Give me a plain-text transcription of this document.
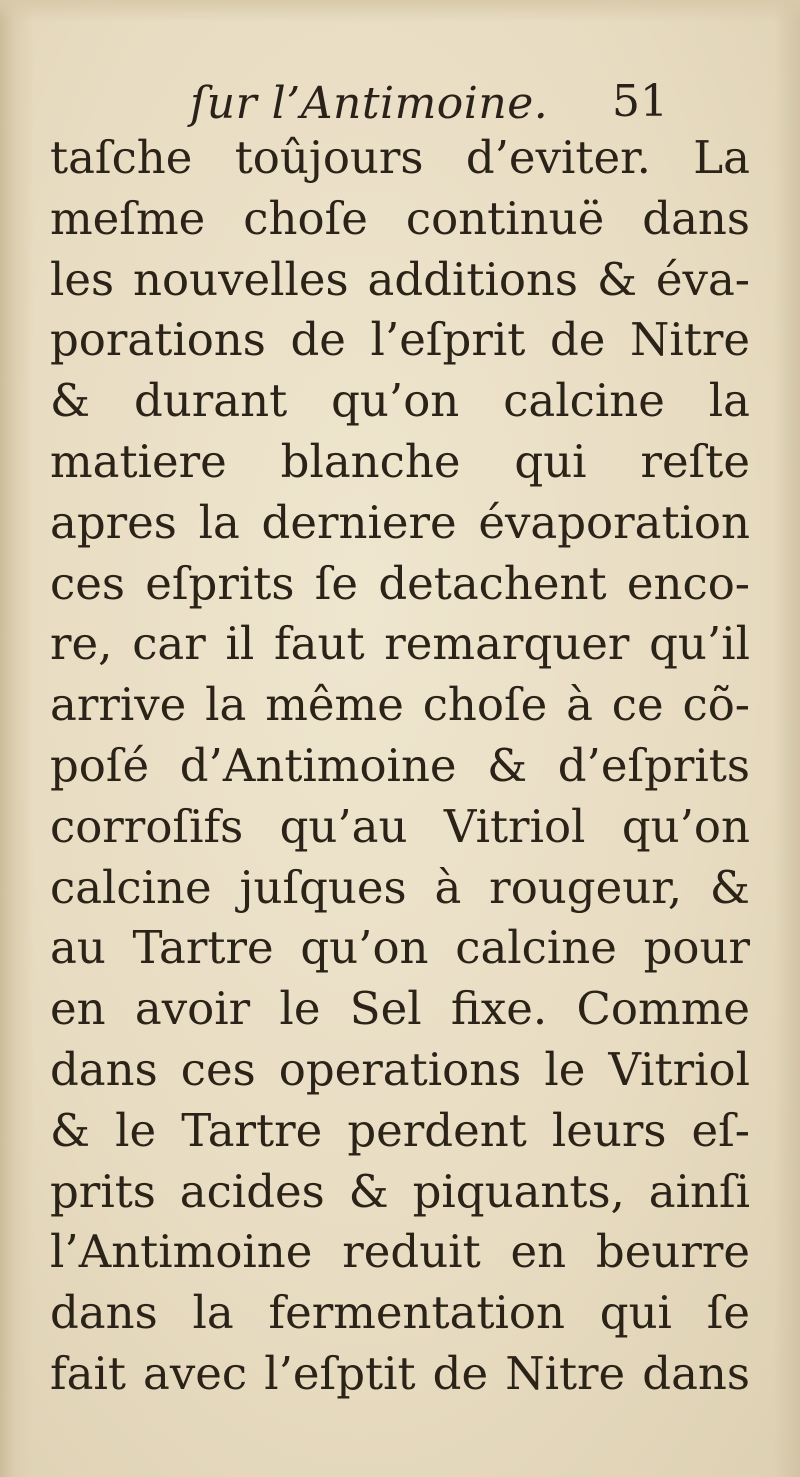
ſur l’Antimoine. 51
taſche toûjours d’eviter. La
meſme choſe continuë dans
les nouvelles additions & éva-
porations de l’eſprit de Nitre
& durant qu’on calcine la
matiere blanche qui reſte
apres la derniere évaporation
ces eſprits ſe detachent enco-
re, car il faut remarquer qu’il
arrive la même choſe à ce cõ-
poſé d’Antimoine & d’eſprits
corroſifs qu’au Vitriol qu’on
calcine juſques à rougeur, &
au Tartre qu’on calcine pour
en avoir le Sel fixe. Comme
dans ces operations le Vitriol
& le Tartre perdent leurs eſ-
prits acides & piquants, ainſi
l’Antimoine reduit en beurre
dans la fermentation qui ſe
fait avec l’eſptit de Nitre dans
